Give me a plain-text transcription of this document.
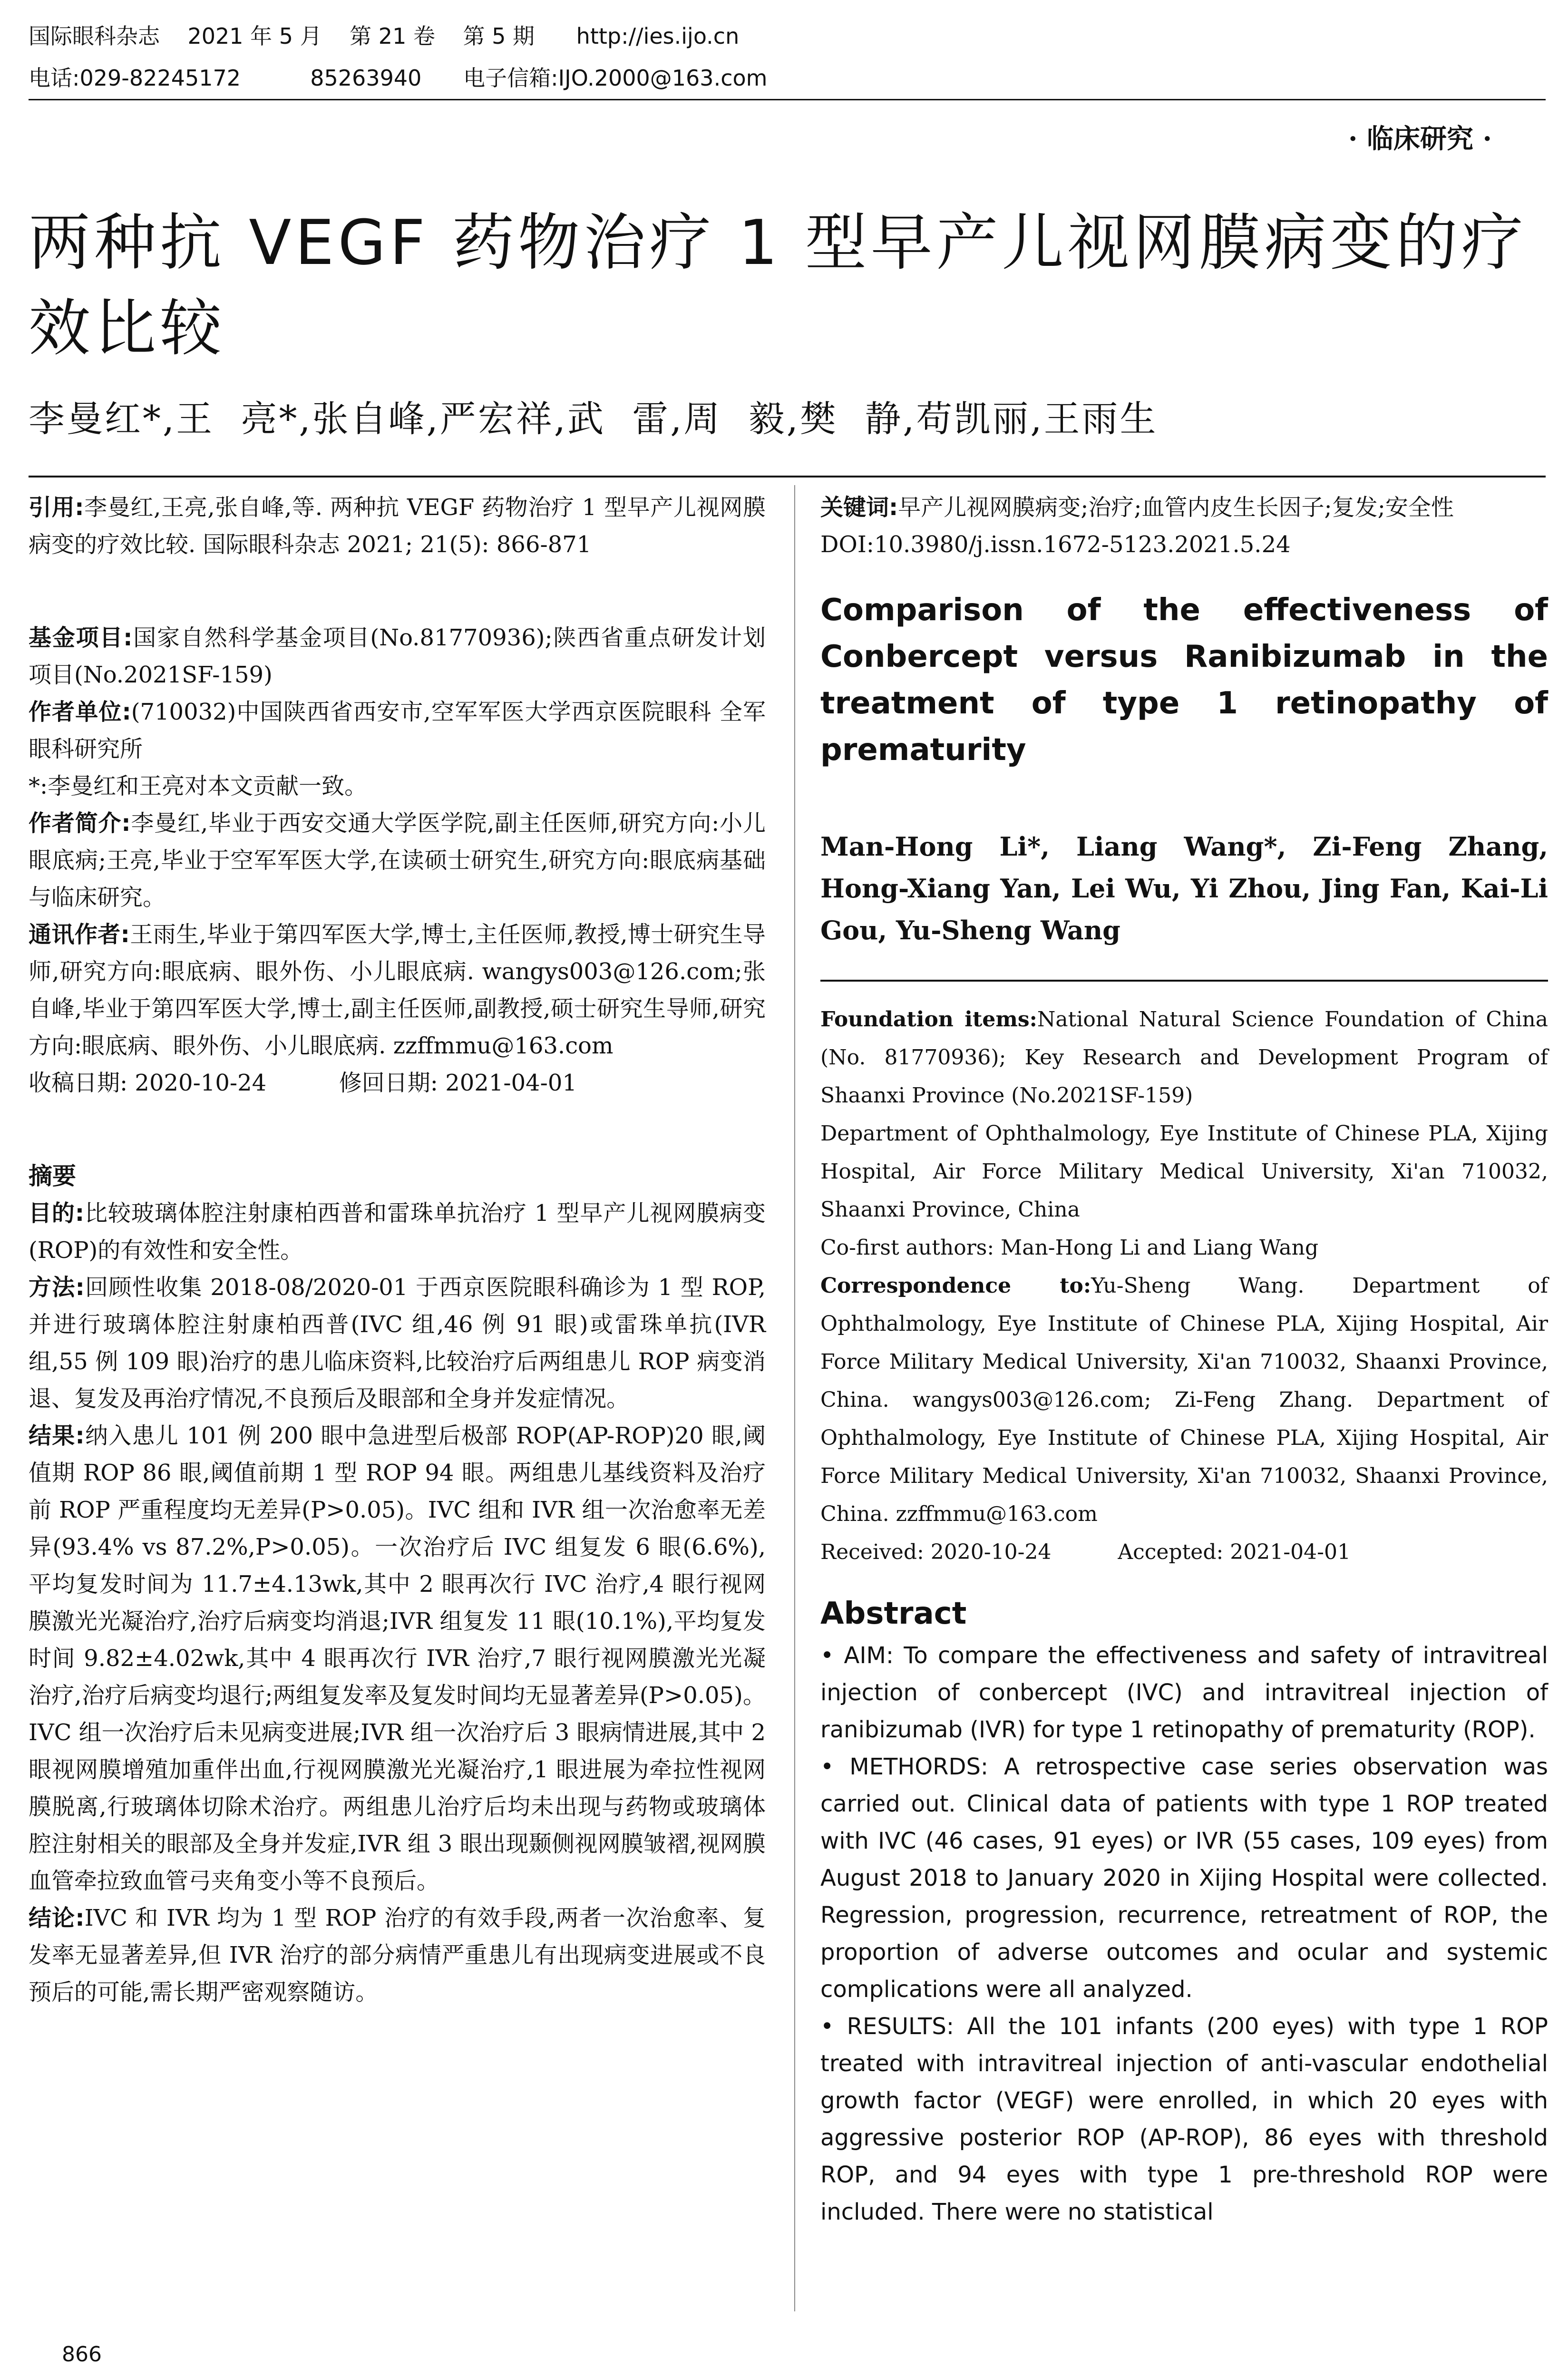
国际眼科杂志    2021 年 5 月    第 21 卷    第 5 期      http://ies.ijo.cn
电话:029-82245172          85263940      电子信箱:IJO.2000@163.com
· 临床研究 ·
两种抗 VEGF 药物治疗 1 型早产儿视网膜病变的疗效比较
李曼红*,王  亮*,张自峰,严宏祥,武  雷,周  毅,樊  静,苟凯丽,王雨生

引用:李曼红,王亮,张自峰,等. 两种抗 VEGF 药物治疗 1 型早产儿视网膜病变的疗效比较. 国际眼科杂志 2021; 21(5): 866-871

基金项目:国家自然科学基金项目(No.81770936);陕西省重点研发计划项目(No.2021SF-159)

作者单位:(710032)中国陕西省西安市,空军军医大学西京医院眼科 全军眼科研究所

*:李曼红和王亮对本文贡献一致。

作者简介:李曼红,毕业于西安交通大学医学院,副主任医师,研究方向:小儿眼底病;王亮,毕业于空军军医大学,在读硕士研究生,研究方向:眼底病基础与临床研究。

通讯作者:王雨生,毕业于第四军医大学,博士,主任医师,教授,博士研究生导师,研究方向:眼底病、眼外伤、小儿眼底病. wangys003@126.com;张自峰,毕业于第四军医大学,博士,副主任医师,副教授,硕士研究生导师,研究方向:眼底病、眼外伤、小儿眼底病. zzffmmu@163.com

收稿日期: 2020-10-24          修回日期: 2021-04-01

摘要

目的:比较玻璃体腔注射康柏西普和雷珠单抗治疗 1 型早产儿视网膜病变(ROP)的有效性和安全性。

方法:回顾性收集 2018-08/2020-01 于西京医院眼科确诊为 1 型 ROP,并进行玻璃体腔注射康柏西普(IVC 组,46 例 91 眼)或雷珠单抗(IVR 组,55 例 109 眼)治疗的患儿临床资料,比较治疗后两组患儿 ROP 病变消退、复发及再治疗情况,不良预后及眼部和全身并发症情况。

结果:纳入患儿 101 例 200 眼中急进型后极部 ROP(AP-ROP)20 眼,阈值期 ROP 86 眼,阈值前期 1 型 ROP 94 眼。两组患儿基线资料及治疗前 ROP 严重程度均无差异(P>0.05)。IVC 组和 IVR 组一次治愈率无差异(93.4% vs 87.2%,P>0.05)。一次治疗后 IVC 组复发 6 眼(6.6%),平均复发时间为 11.7±4.13wk,其中 2 眼再次行 IVC 治疗,4 眼行视网膜激光光凝治疗,治疗后病变均消退;IVR 组复发 11 眼(10.1%),平均复发时间 9.82±4.02wk,其中 4 眼再次行 IVR 治疗,7 眼行视网膜激光光凝治疗,治疗后病变均退行;两组复发率及复发时间均无显著差异(P>0.05)。IVC 组一次治疗后未见病变进展;IVR 组一次治疗后 3 眼病情进展,其中 2 眼视网膜增殖加重伴出血,行视网膜激光光凝治疗,1 眼进展为牵拉性视网膜脱离,行玻璃体切除术治疗。两组患儿治疗后均未出现与药物或玻璃体腔注射相关的眼部及全身并发症,IVR 组 3 眼出现颞侧视网膜皱褶,视网膜血管牵拉致血管弓夹角变小等不良预后。

结论:IVC 和 IVR 均为 1 型 ROP 治疗的有效手段,两者一次治愈率、复发率无显著差异,但 IVR 治疗的部分病情严重患儿有出现病变进展或不良预后的可能,需长期严密观察随访。

关键词:早产儿视网膜病变;治疗;血管内皮生长因子;复发;安全性

DOI:10.3980/j.issn.1672-5123.2021.5.24

Comparison of the effectiveness of Conbercept versus Ranibizumab in the treatment of type 1 retinopathy of prematurity

Man-Hong Li*, Liang Wang*, Zi-Feng Zhang, Hong-Xiang Yan, Lei Wu, Yi Zhou, Jing Fan, Kai-Li Gou, Yu-Sheng Wang

Foundation items:National Natural Science Foundation of China (No. 81770936); Key Research and Development Program of Shaanxi Province (No.2021SF-159)

Department of Ophthalmology, Eye Institute of Chinese PLA, Xijing Hospital, Air Force Military Medical University, Xi'an 710032, Shaanxi Province, China

Co-first authors: Man-Hong Li and Liang Wang

Correspondence to:Yu-Sheng Wang. Department of Ophthalmology, Eye Institute of Chinese PLA, Xijing Hospital, Air Force Military Medical University, Xi'an 710032, Shaanxi Province, China. wangys003@126.com; Zi-Feng Zhang. Department of Ophthalmology, Eye Institute of Chinese PLA, Xijing Hospital, Air Force Military Medical University, Xi'an 710032, Shaanxi Province, China. zzffmmu@163.com

Received: 2020-10-24          Accepted: 2021-04-01

Abstract

• AIM: To compare the effectiveness and safety of intravitreal injection of conbercept (IVC) and intravitreal injection of ranibizumab (IVR) for type 1 retinopathy of prematurity (ROP).

• METHORDS: A retrospective case series observation was carried out. Clinical data of patients with type 1 ROP treated with IVC (46 cases, 91 eyes) or IVR (55 cases, 109 eyes) from August 2018 to January 2020 in Xijing Hospital were collected. Regression, progression, recurrence, retreatment of ROP, the proportion of adverse outcomes and ocular and systemic complications were all analyzed.

• RESULTS: All the 101 infants (200 eyes) with type 1 ROP treated with intravitreal injection of anti-vascular endothelial growth factor (VEGF) were enrolled, in which 20 eyes with aggressive posterior ROP (AP-ROP), 86 eyes with threshold ROP, and 94 eyes with type 1 pre-threshold ROP were included. There were no statistical

866
